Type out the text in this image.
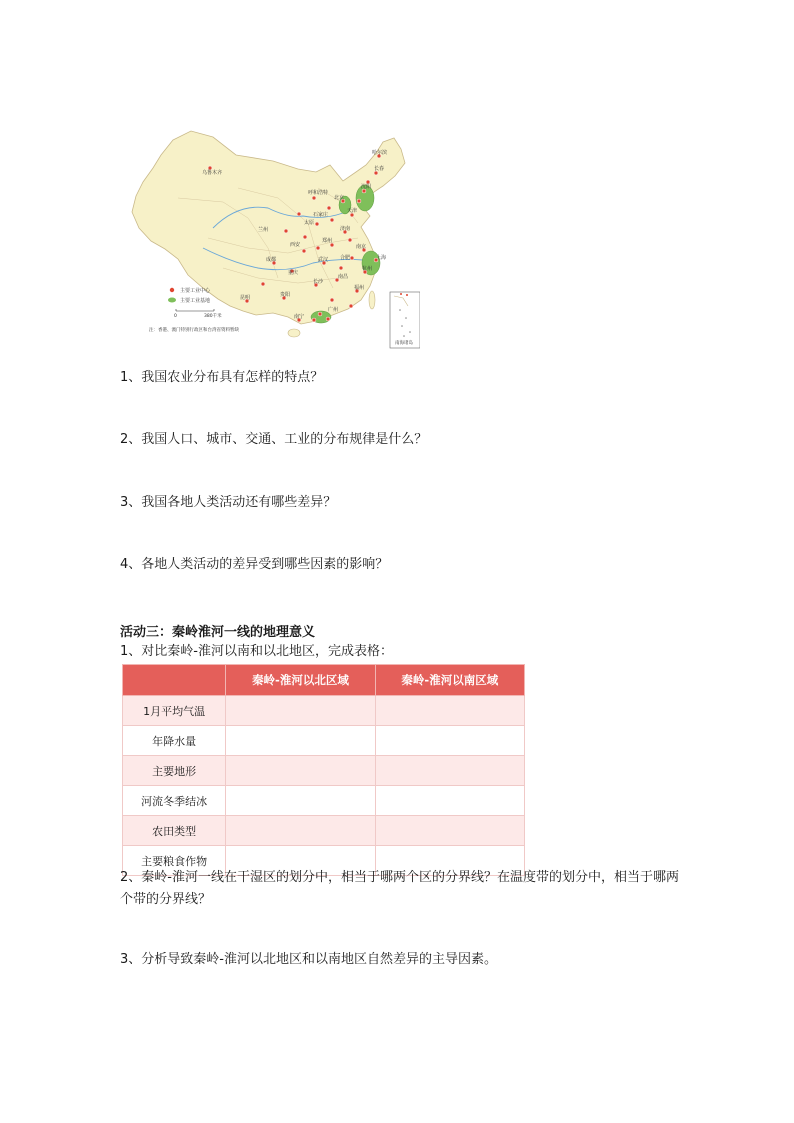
乌鲁木齐
哈尔滨
长春
呼和浩特
北京
沈阳
天津
石家庄
太原
兰州
西安
济南
郑州
南京
合肥	上海
武汉
杭州
成都
重庆
南昌
长沙
福州
贵阳
昆明
广州
南宁
主要工业中心
主要工业基地
0	380千米
注：香港、澳门特别行政区和台湾省资料暂缺
南海诸岛
1、我国农业分布具有怎样的特点？
2、我国人口、城市、交通、工业的分布规律是什么？
3、我国各地人类活动还有哪些差异？
4、各地人类活动的差异受到哪些因素的影响？
活动三：秦岭淮河一线的地理意义
1、对比秦岭-淮河以南和以北地区，完成表格：
	秦岭-淮河以北区域	秦岭-淮河以南区域
1月平均气温		
年降水量		
主要地形		
河流冬季结冰		
农田类型		
主要粮食作物		
2、秦岭-淮河一线在干湿区的划分中，相当于哪两个区的分界线？在温度带的划分中，相当于哪两个带的分界线？
3、分析导致秦岭-淮河以北地区和以南地区自然差异的主导因素。
